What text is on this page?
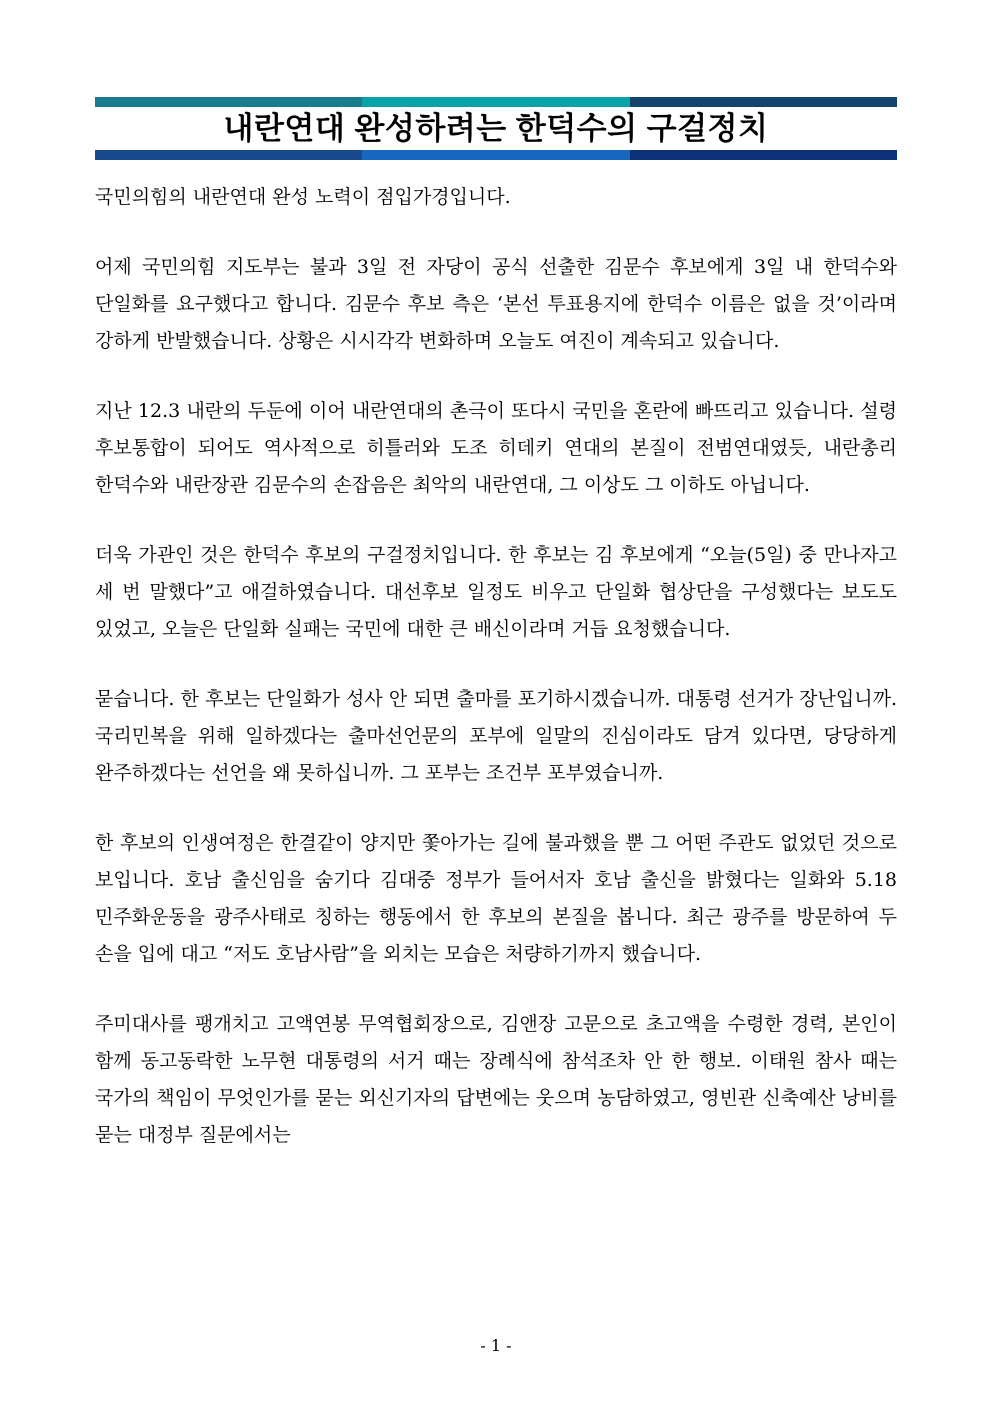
내란연대 완성하려는 한덕수의 구걸정치

국민의힘의 내란연대 완성 노력이 점입가경입니다.

어제 국민의힘 지도부는 불과 3일 전 자당이 공식 선출한 김문수 후보에게 3일 내 한덕수와 단일화를 요구했다고 합니다. 김문수 후보 측은 ‘본선 투표용지에 한덕수 이름은 없을 것’이라며 강하게 반발했습니다. 상황은 시시각각 변화하며 오늘도 여진이 계속되고 있습니다.

지난 12.3 내란의 두둔에 이어 내란연대의 촌극이 또다시 국민을 혼란에 빠뜨리고 있습니다. 설령 후보통합이 되어도 역사적으로 히틀러와 도조 히데키 연대의 본질이 전범연대였듯, 내란총리 한덕수와 내란장관 김문수의 손잡음은 최악의 내란연대, 그 이상도 그 이하도 아닙니다.

더욱 가관인 것은 한덕수 후보의 구걸정치입니다. 한 후보는 김 후보에게 “오늘(5일) 중 만나자고 세 번 말했다”고 애걸하였습니다. 대선후보 일정도 비우고 단일화 협상단을 구성했다는 보도도 있었고, 오늘은 단일화 실패는 국민에 대한 큰 배신이라며 거듭 요청했습니다.

묻습니다. 한 후보는 단일화가 성사 안 되면 출마를 포기하시겠습니까. 대통령 선거가 장난입니까. 국리민복을 위해 일하겠다는 출마선언문의 포부에 일말의 진심이라도 담겨 있다면, 당당하게 완주하겠다는 선언을 왜 못하십니까. 그 포부는 조건부 포부였습니까.

한 후보의 인생여정은 한결같이 양지만 쫓아가는 길에 불과했을 뿐 그 어떤 주관도 없었던 것으로 보입니다. 호남 출신임을 숨기다 김대중 정부가 들어서자 호남 출신을 밝혔다는 일화와 5.18 민주화운동을 광주사태로 칭하는 행동에서 한 후보의 본질을 봅니다. 최근 광주를 방문하여 두 손을 입에 대고 “저도 호남사람”을 외치는 모습은 처량하기까지 했습니다.

주미대사를 팽개치고 고액연봉 무역협회장으로, 김앤장 고문으로 초고액을 수령한 경력, 본인이 함께 동고동락한 노무현 대통령의 서거 때는 장례식에 참석조차 안 한 행보. 이태원 참사 때는 국가의 책임이 무엇인가를 묻는 외신기자의 답변에는 웃으며 농담하였고, 영빈관 신축예산 낭비를 묻는 대정부 질문에서는

- 1 -
